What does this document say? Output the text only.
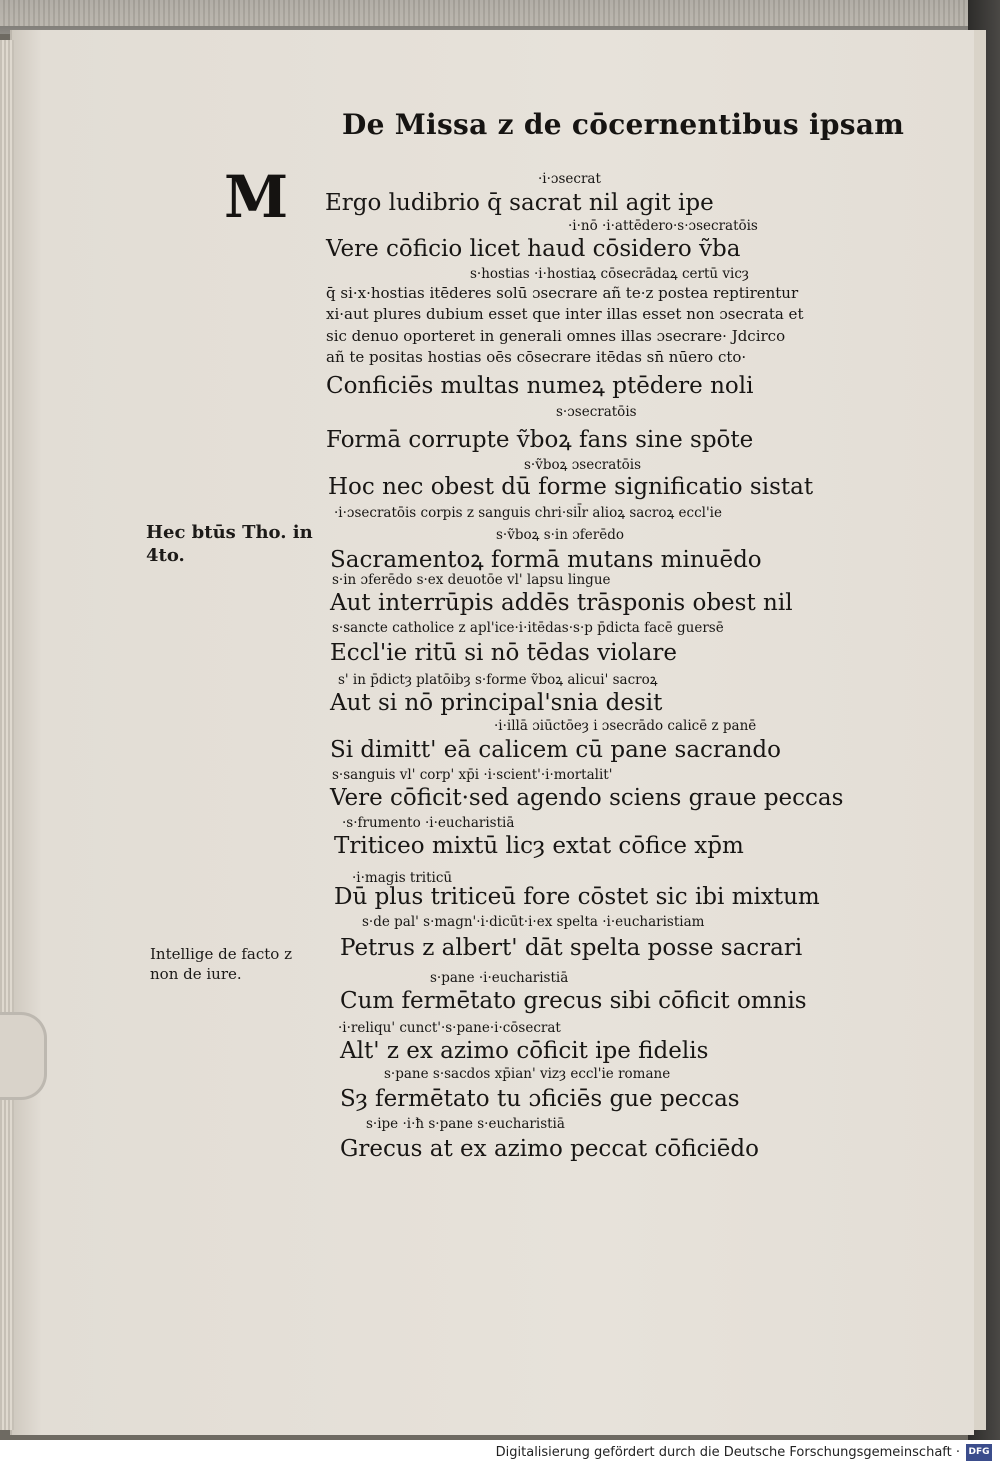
De Missa z de cōcernentibus ipsam
M
Hec btūs Tho. in
4to.
Intellige de facto z
non de iure.
·i·ɔsecrat
Ergo ludibrio q̄ sacrat nil agit ipe
·i·nō ·i·attēdero·s·ɔsecratōis
Vere cōficio licet haud cōsidero ṽba
s·hostias ·i·hostiaꝝ cōsecrādaꝝ certū vicȝ
q̄ si·x·hostias itēderes solū ɔsecrare añ te·z postea reptirentur
xi·aut plures dubium esset que inter illas esset non ɔsecrata et
sic denuo oporteret in generali omnes illas ɔsecrare· Jdcirco
añ te positas hostias oēs cōsecrare itēdas sn̄ nūero cto·
Conficiēs multas numeꝝ ptēdere noli
s·ɔsecratōis
Formā corrupte ṽboꝝ fans sine spōte
s·ṽboꝝ ɔsecratōis
Hoc nec obest dū forme significatio sistat
·i·ɔsecratōis corpis z sanguis chri·sil̄r alioꝝ sacroꝝ eccl'ie
s·ṽboꝝ s·in ɔferēdo
Sacramentoꝝ formā mutans minuēdo
s·in ɔferēdo s·ex deuotōe vl' lapsu lingue
Aut interrūpis addēs trāsponis obest nil
s·sancte catholice z apl'ice·i·itēdas·s·p p̄dicta facē guersē
Eccl'ie ritū si nō tēdas violare
s' in p̄dictȝ platōibȝ s·forme ṽboꝝ alicui' sacroꝝ
Aut si nō principal'snia desit
·i·illā ɔiūctōeȝ i ɔsecrādo calicē z panē
Si dimitt' eā calicem cū pane sacrando
s·sanguis vl' corp' xp̄i ·i·scient'·i·mortalit'
Vere cōficit·sed agendo sciens graue peccas
·s·frumento ·i·eucharistiā
Triticeo mixtū licȝ extat cōfice xp̄m
·i·magis triticū
Dū plus triticeū fore cōstet sic ibi mixtum
s·de pal' s·magn'·i·dicūt·i·ex spelta ·i·eucharistiam
Petrus z albert' dāt spelta posse sacrari
s·pane ·i·eucharistiā
Cum fermētato grecus sibi cōficit omnis
·i·reliqu' cunct'·s·pane·i·cōsecrat
Alt' z ex azimo cōficit ipe fidelis
s·pane s·sacdos xp̄ian' vizȝ eccl'ie romane
Sȝ fermētato tu ɔficiēs gue peccas
s·ipe ·i·ħ s·pane s·eucharistiā
Grecus at ex azimo peccat cōficiēdo
Digitalisierung gefördert durch die Deutsche Forschungsgemeinschaft · DFG
